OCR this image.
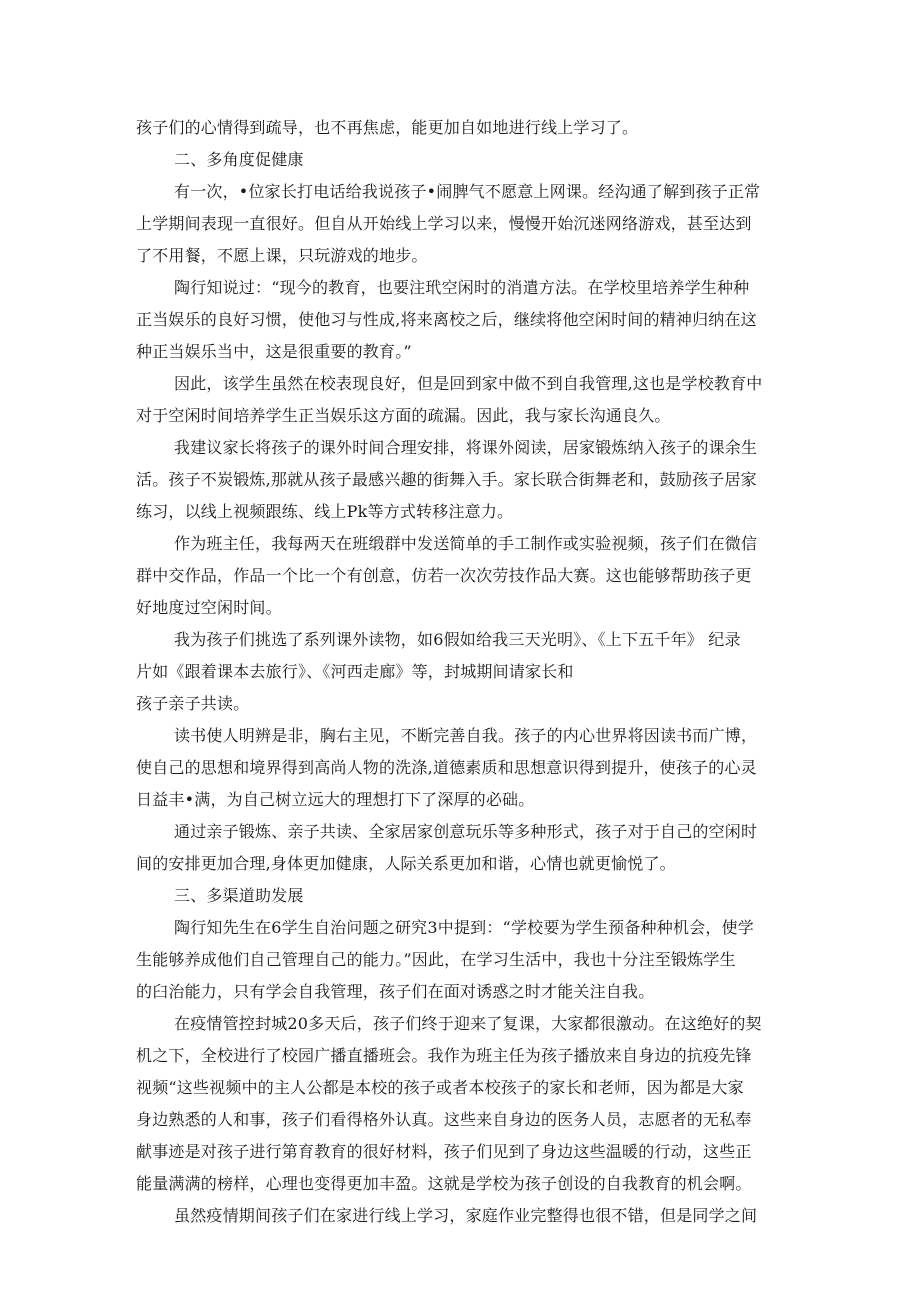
孩子们的心情得到疏导，也不再焦虑，能更加自如地进行线上学习了。
二、多角度促健康
有一次，•位家长打电话给我说孩子•闹脾气不愿意上网课。经沟通了解到孩子正常
上学期间表现一直很好。但自从开始线上学习以来，慢慢开始沉迷网络游戏，甚至达到
了不用餐，不愿上课，只玩游戏的地步。
陶行知说过：“现今的教育，也要注玳空闲时的消遣方法。在学校里培养学生种种
正当娱乐的良好习惯，使他习与性成,将来离校之后，继续将他空闲时间的精神归纳在这
种正当娱乐当中，这是很重要的教育。”
因此，该学生虽然在校表现良好，但是回到家中做不到自我管理,这也是学校教育中
对于空闲时间培养学生正当娱乐这方面的疏漏。因此，我与家长沟通良久。
我建议家长将孩子的课外时间合理安排，将课外阅读，居家锻炼纳入孩子的课余生
活。孩子不炭锻炼,那就从孩子最感兴趣的街舞入手。家长联合街舞老和，鼓励孩子居家
练习，以线上视频跟练、线上Pk等方式转移注意力。
作为班主任，我每两天在班缎群中发送简单的手工制作或实验视频，孩子们在微信
群中交作品，作品一个比一个有创意，仿若一次次劳技作品大赛。这也能够帮助孩子更
好地度过空闲时间。
我为孩子们挑选了系列课外读物，如6假如给我三天光明》、《上下五千年》 纪录
片如《跟着课本去旅行》、《河西走廊》等，封城期间请家长和
孩子亲子共读。
读书使人明辨是非，胸右主见，不断完善自我。孩子的内心世界将因读书而广博，
使自己的思想和境界得到高尚人物的洗涤,道德素质和思想意识得到提升，使孩子的心灵
日益丰•满，为自己树立远大的理想打下了深厚的必础。
通过亲子锻炼、亲子共读、全家居家创意玩乐等多种形式，孩子对于自己的空闲时
间的安排更加合理,身体更加健康，人际关系更加和谐，心情也就更愉悦了。
三、多渠道助发展
陶行知先生在6学生自治问题之研究3中提到：“学校要为学生预备种种机会，使学
生能够养成他们自己管理自己的能力。”因此，在学习生活中，我也十分注至锻炼学生
的臼治能力，只有学会自我管理，孩子们在面对诱惑之时才能关注自我。
在疫情管控封城20多天后，孩子们终于迎来了复课，大家都很激动。在这绝好的契
机之下，全校进行了校园广播直播班会。我作为班主任为孩子播放来自身边的抗疫先锋
视频“这些视频中的主人公都是本校的孩子或者本校孩子的家长和老师，因为都是大家
身边熟悉的人和事，孩子们看得格外认真。这些来自身边的医务人员，志愿者的无私奉
献事迹是对孩子进行第育教育的很好材料，孩子们见到了身边这些温暖的行动，这些正
能量满满的榜样，心理也变得更加丰盈。这就是学校为孩子创设的自我教育的机会啊。
虽然疫情期间孩子们在家进行线上学习，家庭作业完整得也很不错，但是同学之间
